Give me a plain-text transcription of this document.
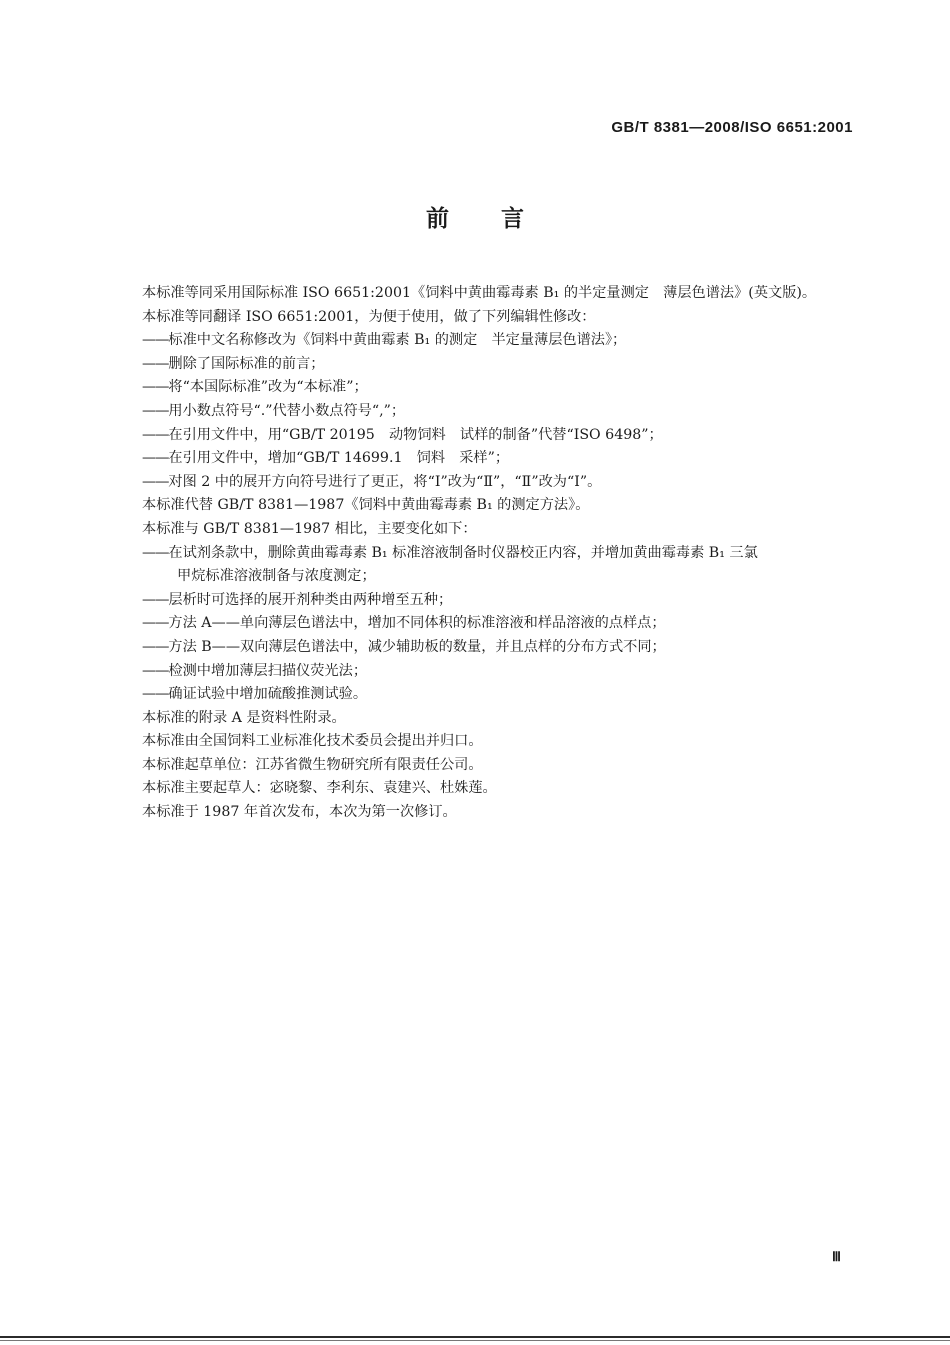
GB/T 8381—2008/ISO 6651:2001
前言
本标准等同采用国际标准 ISO 6651:2001《饲料中黄曲霉毒素 B₁ 的半定量测定　薄层色谱法》(英文版)。
本标准等同翻译 ISO 6651:2001，为便于使用，做了下列编辑性修改：
——标准中文名称修改为《饲料中黄曲霉素 B₁ 的测定　半定量薄层色谱法》；
——删除了国际标准的前言；
——将“本国际标准”改为“本标准”；
——用小数点符号“.”代替小数点符号“,”；
——在引用文件中，用“GB/T 20195　动物饲料　试样的制备”代替“ISO 6498”；
——在引用文件中，增加“GB/T 14699.1　饲料　采样”；
——对图 2 中的展开方向符号进行了更正，将“Ⅰ”改为“Ⅱ”，“Ⅱ”改为“Ⅰ”。
本标准代替 GB/T 8381—1987《饲料中黄曲霉毒素 B₁ 的测定方法》。
本标准与 GB/T 8381—1987 相比，主要变化如下：
——在试剂条款中，删除黄曲霉毒素 B₁ 标准溶液制备时仪器校正内容，并增加黄曲霉毒素 B₁ 三氯
甲烷标准溶液制备与浓度测定；
——层析时可选择的展开剂种类由两种增至五种；
——方法 A——单向薄层色谱法中，增加不同体积的标准溶液和样品溶液的点样点；
——方法 B——双向薄层色谱法中，减少辅助板的数量，并且点样的分布方式不同；
——检测中增加薄层扫描仪荧光法；
——确证试验中增加硫酸推测试验。
本标准的附录 A 是资料性附录。
本标准由全国饲料工业标准化技术委员会提出并归口。
本标准起草单位：江苏省微生物研究所有限责任公司。
本标准主要起草人：宓晓黎、李利东、袁建兴、杜姝莲。
本标准于 1987 年首次发布，本次为第一次修订。
Ⅲ
